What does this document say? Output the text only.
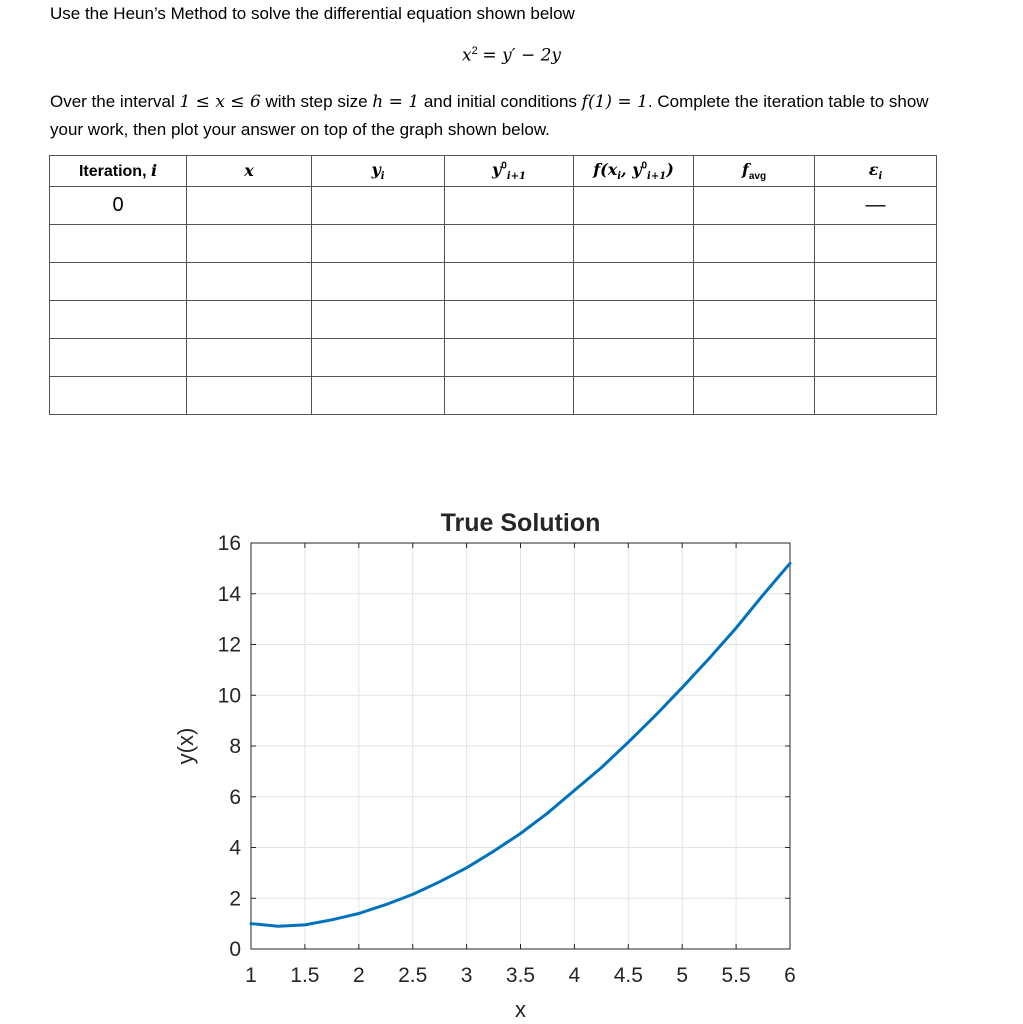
Use the Heun’s Method to solve the differential equation shown below
$x^2 = y' - 2y$
Over the interval 1 ≤ x ≤ 6 with step size h = 1 and initial conditions f(1) = 1. Complete the iteration table to show your work, then plot your answer on top of the graph shown below.
Iteration, i	x	$y_i$	$y^0_{i+1}$	$f(x_i$, $y^0_{i+1}$)	$f_{avg}$	$\varepsilon_i$
0						—

1 1.5 2 2.5 3 3.5 4 4.5 5 5.5 6
0
2
4
6
8
10
12
14
16
True Solution
x
y(x)
